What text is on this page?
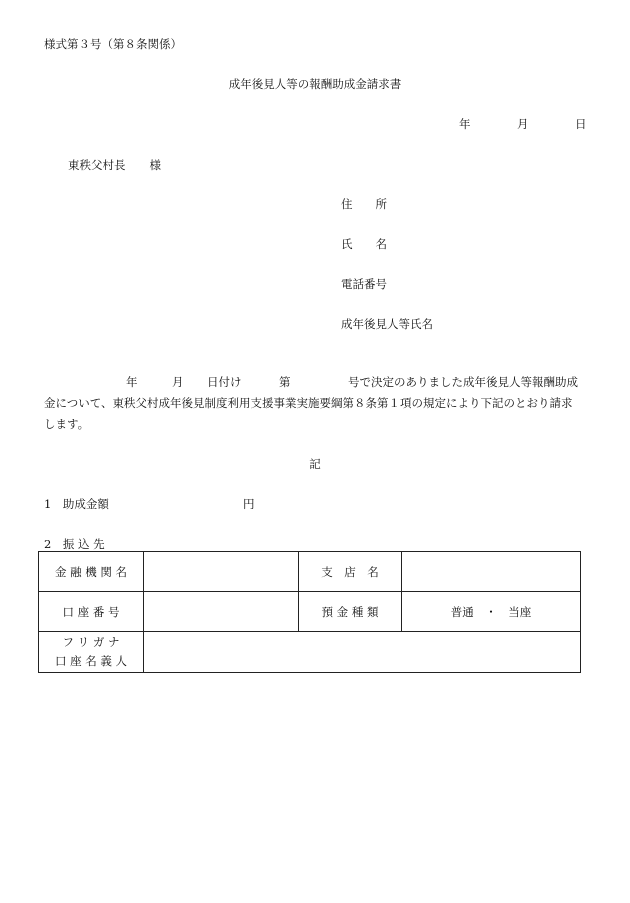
様式第３号（第８条関係）
成年後見人等の報酬助成金請求書
年	月	日
東秩父村長 様
住　　所
氏　　名
電話番号
成年後見人等氏名
年	月 日付け	第	号で決定のありました成年後見人等報酬助成
金について、東秩父村成年後見制度利用支援事業実施要綱第８条第１項の規定により下記のとおり請求
します。
記
1　助成金額	円
2　振 込 先
金 融 機 関 名		支　店　名	
口 座 番 号		預 金 種 類	普通　・　当座

フ リ ガ ナ
口 座 名 義 人			
